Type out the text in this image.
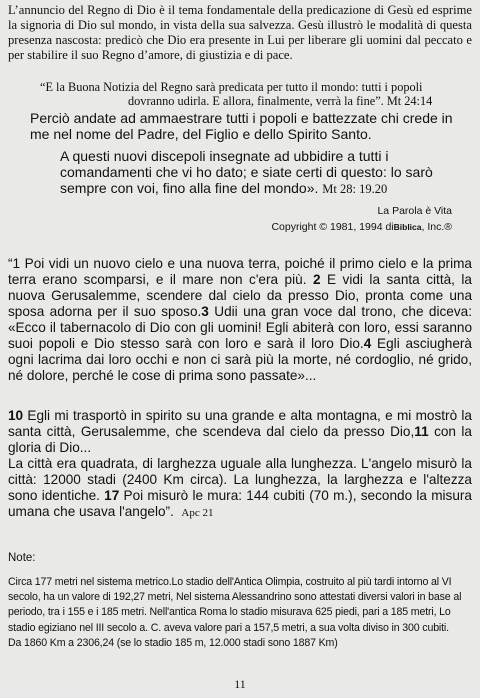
L’annuncio del Regno di Dio è il tema fondamentale della predicazione di Gesù ed esprime la signoria di Dio sul mondo, in vista della sua salvezza. Gesù illustrò le modalità di questa presenza nascosta: predicò che Dio era presente in Lui per liberare gli uomini dal peccato e per stabilire il suo Regno d’amore, di giustizia e di pace.

“E la Buona Notizia del Regno sarà predicata per tutto il mondo: tutti i popoli
dovranno udirla. E allora, finalmente, verrà la fine”. Mt 24:14

Perciò andate ad ammaestrare tutti i popoli e battezzate chi crede in me nel nome del Padre, del Figlio e dello Spirito Santo.

A questi nuovi discepoli insegnate ad ubbidire a tutti i comandamenti che vi ho dato; e siate certi di questo: lo sarò sempre con voi, fino alla fine del mondo». Mt 28: 19.20

La Parola è Vita

Copyright © 1981, 1994 diBiblica, Inc.®

“1 Poi vidi un nuovo cielo e una nuova terra, poiché il primo cielo e la prima terra erano scomparsi, e il mare non c'era più. 2 E vidi la santa città, la nuova Gerusalemme, scendere dal cielo da presso Dio, pronta come una sposa adorna per il suo sposo.3 Udii una gran voce dal trono, che diceva: «Ecco il tabernacolo di Dio con gli uomini! Egli abiterà con loro, essi saranno suoi popoli e Dio stesso sarà con loro e sarà il loro Dio.4 Egli asciugherà ogni lacrima dai loro occhi e non ci sarà più la morte, né cordoglio, né grido, né dolore, perché le cose di prima sono passate»...

10 Egli mi trasportò in spirito su una grande e alta montagna, e mi mostrò la santa città, Gerusalemme, che scendeva dal cielo da presso Dio,11 con la gloria di Dio...
La città era quadrata, di larghezza uguale alla lunghezza. L'angelo misurò la città: 12000 stadi (2400 Km circa). La lunghezza, la larghezza e l'altezza sono identiche. 17 Poi misurò le mura: 144 cubiti (70 m.), secondo la misura umana che usava l'angelo”. Apc 21

Note:

Circa 177 metri nel sistema metrico.Lo stadio dell'Antica Olimpia, costruito al più tardi intorno al VI secolo, ha un valore di 192,27 metri, Nel sistema Alessandrino sono attestati diversi valori in base al periodo, tra i 155 e i 185 metri. Nell'antica Roma lo stadio misurava 625 piedi, pari a 185 metri, Lo stadio egiziano nel III secolo a. C. aveva valore pari a 157,5 metri, a sua volta diviso in 300 cubiti.
Da 1860 Km a 2306,24 (se lo stadio 185 m, 12.000 stadi sono 1887 Km)

11
